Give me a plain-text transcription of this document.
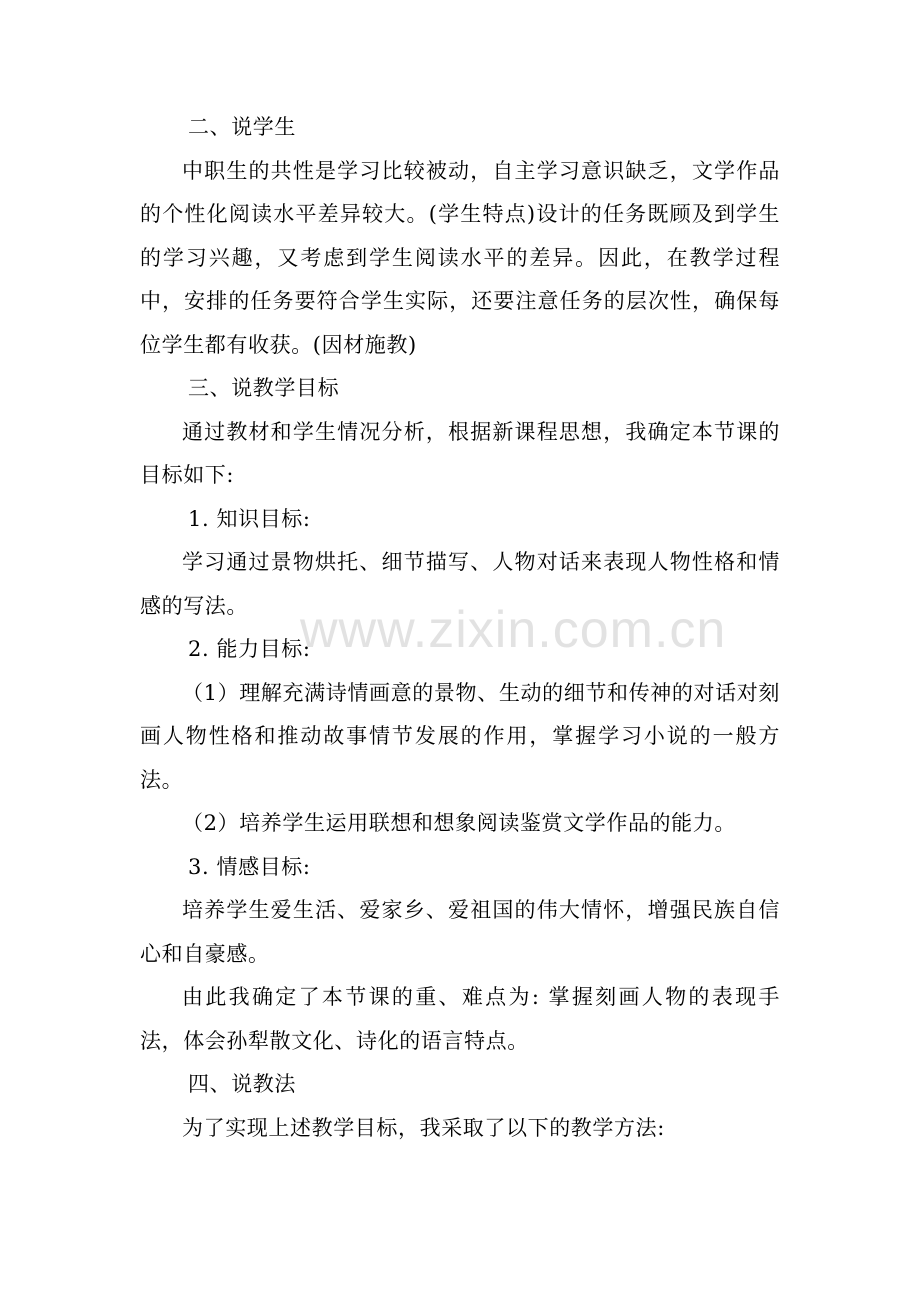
二、说学生

中职生的共性是学习比较被动，自主学习意识缺乏，文学作品的个性化阅读水平差异较大。(学生特点)设计的任务既顾及到学生的学习兴趣，又考虑到学生阅读水平的差异。因此，在教学过程中，安排的任务要符合学生实际，还要注意任务的层次性，确保每位学生都有收获。(因材施教)

三、说教学目标

通过教材和学生情况分析，根据新课程思想，我确定本节课的目标如下:

1. 知识目标:

学习通过景物烘托、细节描写、人物对话来表现人物性格和情感的写法。

2. 能力目标:

（1）理解充满诗情画意的景物、生动的细节和传神的对话对刻画人物性格和推动故事情节发展的作用，掌握学习小说的一般方法。

（2）培养学生运用联想和想象阅读鉴赏文学作品的能力。

3. 情感目标:

培养学生爱生活、爱家乡、爱祖国的伟大情怀，增强民族自信心和自豪感。

由此我确定了本节课的重、难点为: 掌握刻画人物的表现手法，体会孙犁散文化、诗化的语言特点。

四、说教法

为了实现上述教学目标，我采取了以下的教学方法:

www.zixin.com.cn
